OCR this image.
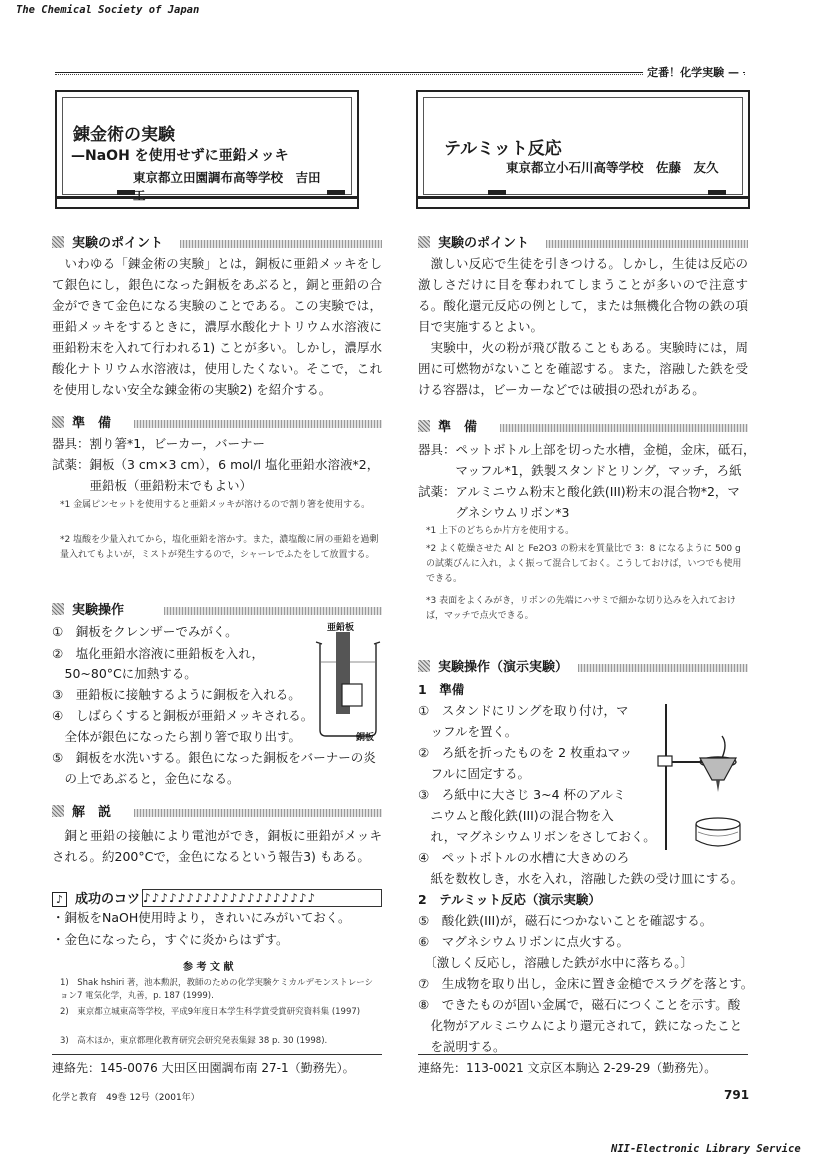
The Chemical Society of Japan
NII-Electronic Library Service
定番！化学実験 —
錬金術の実験
—NaOH を使用せずに亜鉛メッキ
東京都立田園調布高等学校　吉田　　工
テルミット反応
東京都立小石川高等学校　佐藤　友久
実験のポイント

いわゆる「錬金術の実験」とは，銅板に亜鉛メッキをして銀色にし，銀色になった銅板をあぶると，銅と亜鉛の合金ができて金色になる実験のことである。この実験では，亜鉛メッキをするときに，濃厚水酸化ナトリウム水溶液に亜鉛粉末を入れて行われる1) ことが多い。しかし，濃厚水酸化ナトリウム水溶液は，使用したくない。そこで，これを使用しない安全な錬金術の実験2) を紹介する。

準　備
器具：割り箸*1，ビーカー，バーナー
試薬：銅板（3 cm×3 cm），6 mol/l 塩化亜鉛水溶液*2，
　　　亜鉛板（亜鉛粉末でもよい）
*1 金属ピンセットを使用すると亜鉛メッキが溶けるので割り箸を使用する。
*2 塩酸を少量入れてから，塩化亜鉛を溶かす。また，濃塩酸に屑の亜鉛を過剰量入れてもよいが，ミストが発生するので，シャーレでふたをして放置する。
実験操作
①　銅板をクレンザーでみがく。
②　塩化亜鉛水溶液に亜鉛板を入れ，
　50~80°Cに加熱する。
③　亜鉛板に接触するように銅板を入れる。
④　しばらくすると銅板が亜鉛メッキされる。
　全体が銀色になったら割り箸で取り出す。
⑤　銅板を水洗いする。銀色になった銅板をバーナーの炎
　の上であぶると，金色になる。
亜鉛板
銅板
解　説

銅と亜鉛の接触により電池ができ，銅板に亜鉛がメッキされる。約200°Cで，金色になるという報告3) もある。

♪ 成功のコツ ♪♪♪♪♪♪♪♪♪♪♪♪♪♪♪♪♪♪♪♪
・銅板をNaOH使用時より，きれいにみがいておく。
・金色になったら，すぐに炎からはずす。
参 考 文 献
1)　Shak hshiri 著，池本勲訳，教師のための化学実験ケミカルデモンストレーション7 電気化学，丸善，p. 187 (1999).
2)　東京都立城東高等学校，平成9年度日本学生科学賞受賞研究資料集 (1997)
3)　高木ほか，東京都理化教育研究会研究発表集録 38 p. 30 (1998).
連絡先：145-0076 大田区田園調布南 27-1（勤務先）。
実験のポイント

激しい反応で生徒を引きつける。しかし，生徒は反応の激しさだけに目を奪われてしまうことが多いので注意する。酸化還元反応の例として，または無機化合物の鉄の項目で実施するとよい。

実験中，火の粉が飛び散ることもある。実験時には，周囲に可燃物がないことを確認する。また，溶融した鉄を受ける容器は，ビーカーなどでは破損の恐れがある。

準　備
器具：ペットボトル上部を切った水槽，金槌，金床，砥石，
　　　マッフル*1，鉄製スタンドとリング，マッチ，ろ紙
試薬：アルミニウム粉末と酸化鉄(III)粉末の混合物*2，マ
　　　グネシウムリボン*3
*1 上下のどちらか片方を使用する。
*2 よく乾燥させた Al と Fe2O3 の粉末を質量比で 3：8 になるように 500 g の試薬びんに入れ，よく振って混合しておく。こうしておけば，いつでも使用できる。
*3 表面をよくみがき，リボンの先端にハサミで細かな切り込みを入れておけば，マッチで点火できる。
実験操作（演示実験）
1　準備
①　スタンドにリングを取り付け，マ
　ッフルを置く。
②　ろ紙を折ったものを 2 枚重ねマッ
　フルに固定する。
③　ろ紙中に大さじ 3~4 杯のアルミ
　ニウムと酸化鉄(III)の混合物を入
　れ，マグネシウムリボンをさしておく。
④　ペットボトルの水槽に大きめのろ
　紙を数枚しき，水を入れ，溶融した鉄の受け皿にする。
2　テルミット反応（演示実験）
⑤　酸化鉄(III)が，磁石につかないことを確認する。
⑥　マグネシウムリボンに点火する。
　〔激しく反応し，溶融した鉄が水中に落ちる。〕
⑦　生成物を取り出し，金床に置き金槌でスラグを落とす。
⑧　できたものが固い金属で，磁石につくことを示す。酸
　化物がアルミニウムにより還元されて，鉄になったこと
　を説明する。
連絡先：113-0021 文京区本駒込 2-29-29（勤務先）。
化学と教育　49巻 12号（2001年）	791
